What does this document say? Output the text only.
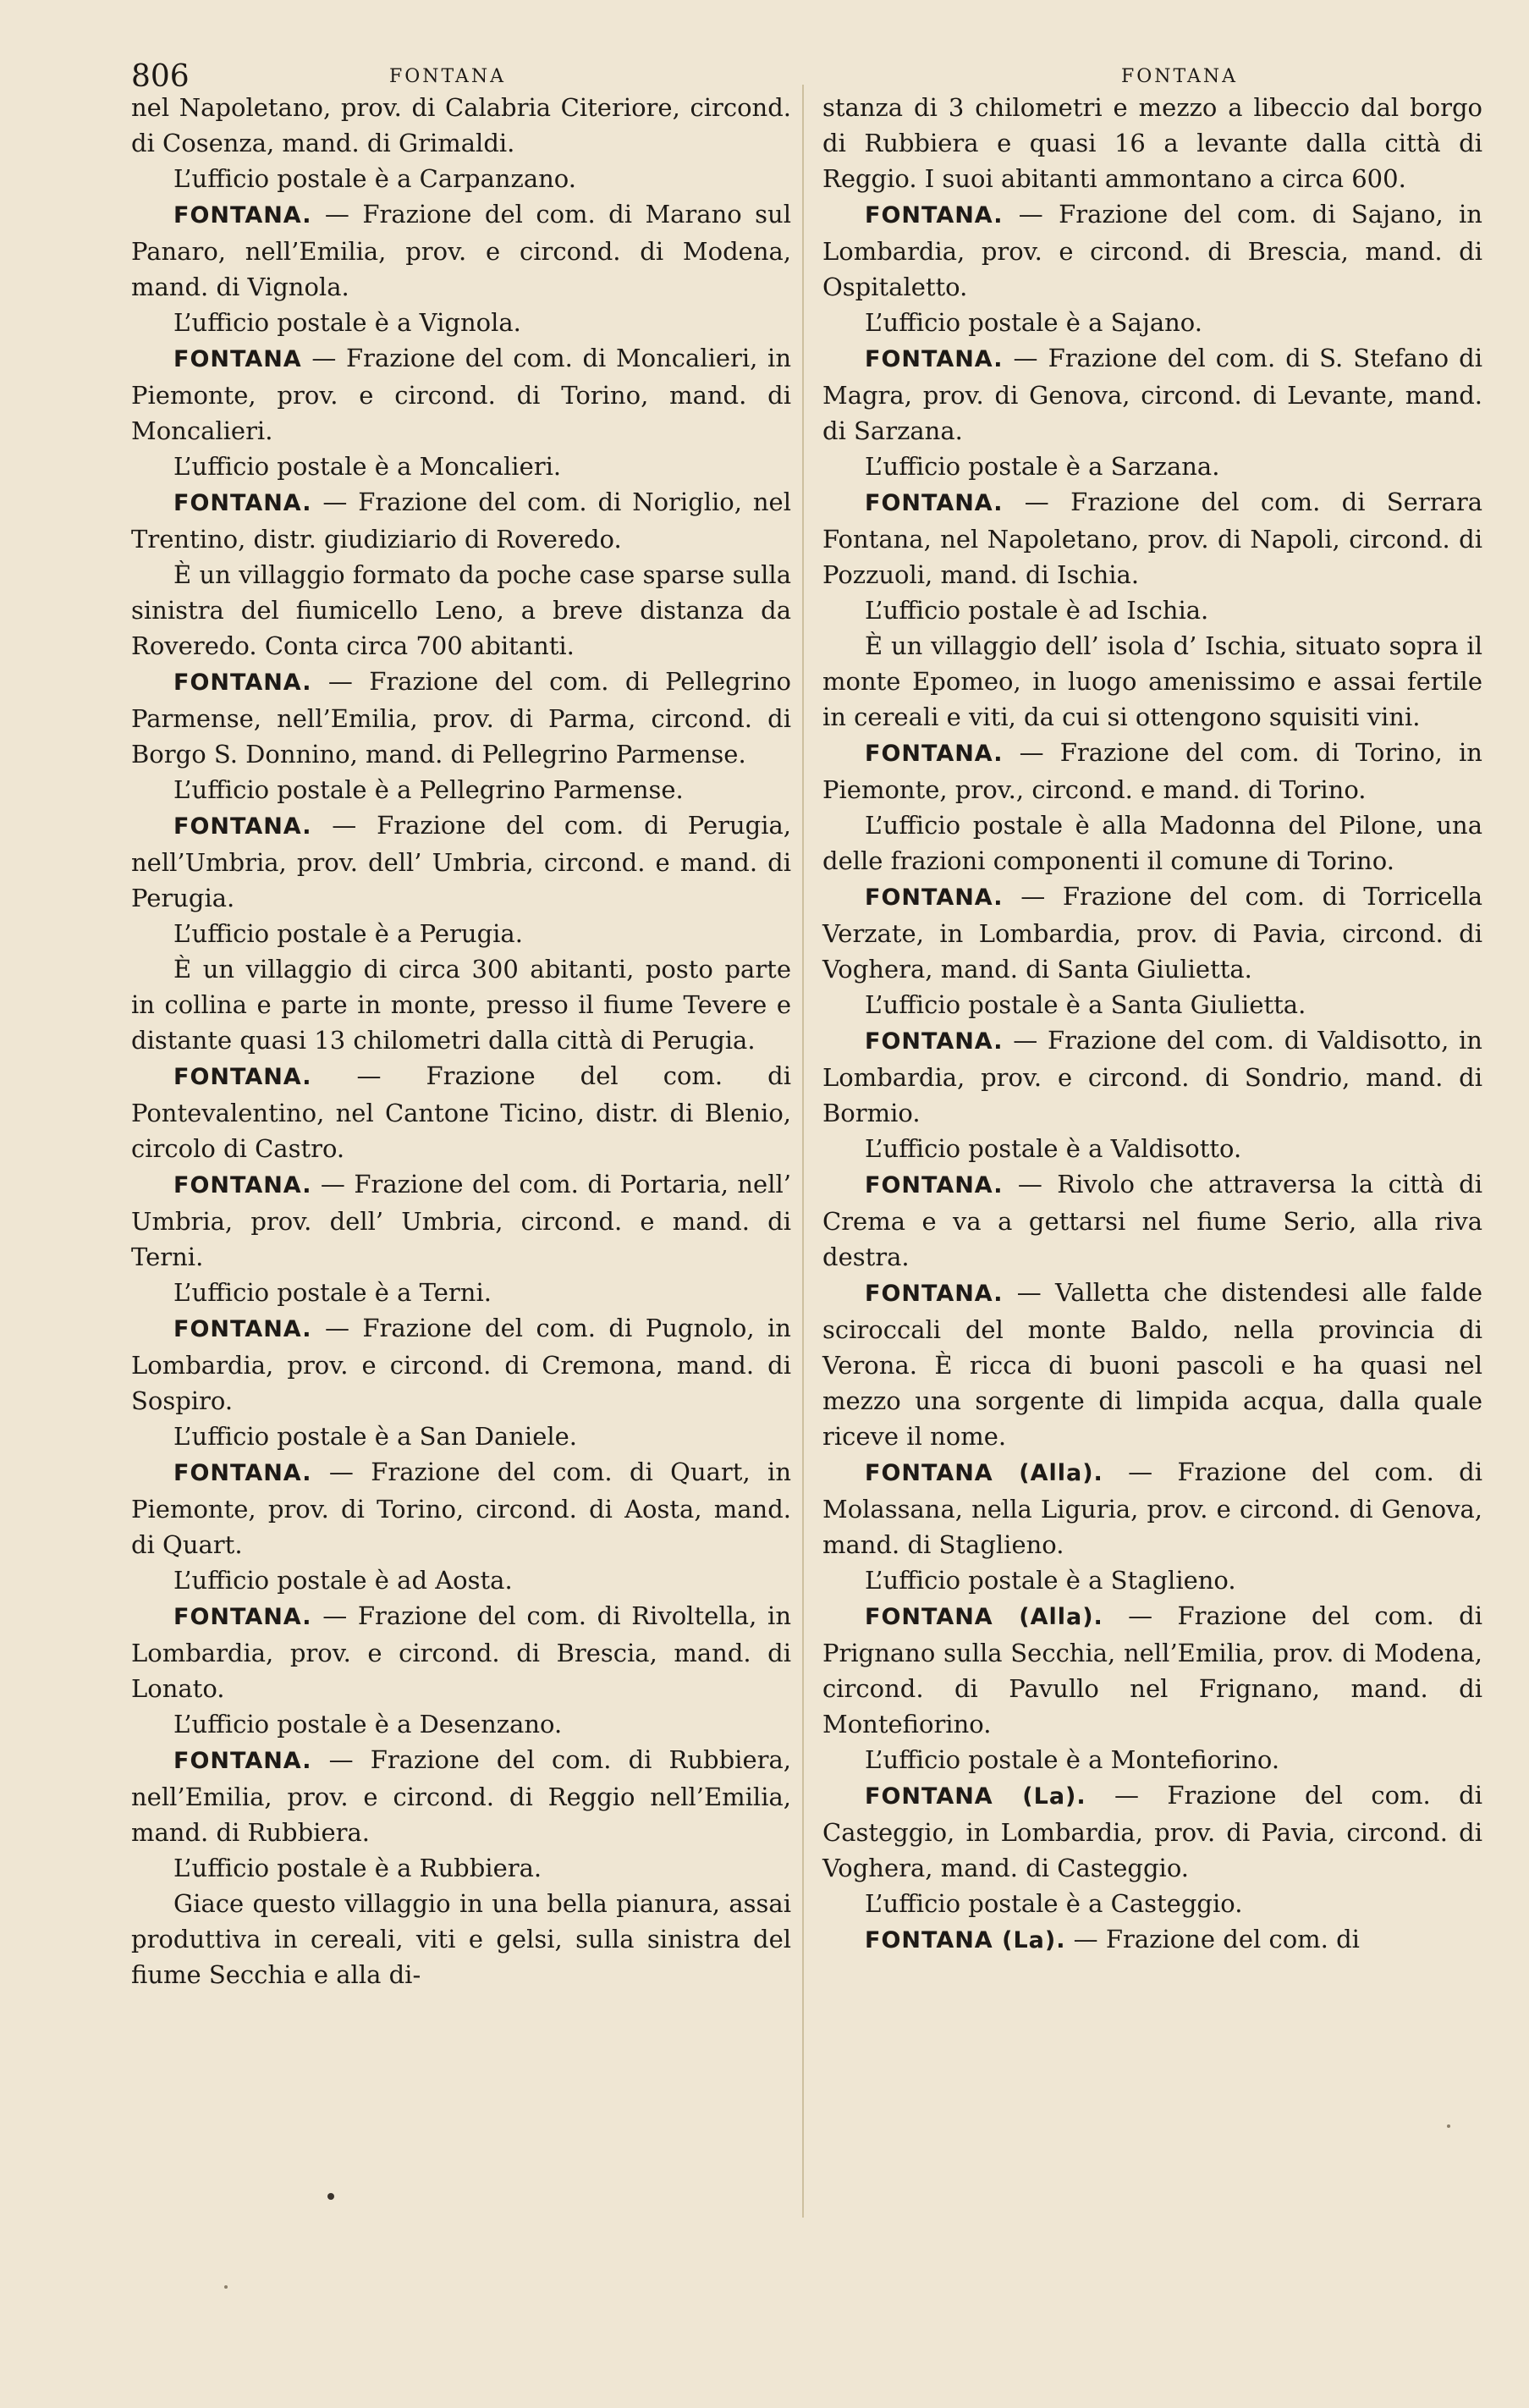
806	FONTANA	FONTANA

nel Napoletano, prov. di Calabria Citeriore, circond. di Cosenza, mand. di Grimaldi.

L’ufficio postale è a Carpanzano.

FONTANA. — Frazione del com. di Marano sul Panaro, nell’Emilia, prov. e circond. di Modena, mand. di Vignola.

L’ufficio postale è a Vignola.

FONTANA — Frazione del com. di Moncalieri, in Piemonte, prov. e circond. di Torino, mand. di Moncalieri.

L’ufficio postale è a Moncalieri.

FONTANA. — Frazione del com. di Noriglio, nel Trentino, distr. giudiziario di Roveredo.

È un villaggio formato da poche case sparse sulla sinistra del fiumicello Leno, a breve distanza da Roveredo. Conta circa 700 abitanti.

FONTANA. — Frazione del com. di Pellegrino Parmense, nell’Emilia, prov. di Parma, circond. di Borgo S. Donnino, mand. di Pellegrino Parmense.

L’ufficio postale è a Pellegrino Parmense.

FONTANA. — Frazione del com. di Perugia, nell’Umbria, prov. dell’ Umbria, circond. e mand. di Perugia.

L’ufficio postale è a Perugia.

È un villaggio di circa 300 abitanti, posto parte in collina e parte in monte, presso il fiume Tevere e distante quasi 13 chilometri dalla città di Perugia.

FONTANA. — Frazione del com. di Pontevalentino, nel Cantone Ticino, distr. di Blenio, circolo di Castro.

FONTANA. — Frazione del com. di Portaria, nell’ Umbria, prov. dell’ Umbria, circond. e mand. di Terni.

L’ufficio postale è a Terni.

FONTANA. — Frazione del com. di Pugnolo, in Lombardia, prov. e circond. di Cremona, mand. di Sospiro.

L’ufficio postale è a San Daniele.

FONTANA. — Frazione del com. di Quart, in Piemonte, prov. di Torino, circond. di Aosta, mand. di Quart.

L’ufficio postale è ad Aosta.

FONTANA. — Frazione del com. di Rivoltella, in Lombardia, prov. e circond. di Brescia, mand. di Lonato.

L’ufficio postale è a Desenzano.

FONTANA. — Frazione del com. di Rubbiera, nell’Emilia, prov. e circond. di Reggio nell’Emilia, mand. di Rubbiera.

L’ufficio postale è a Rubbiera.

Giace questo villaggio in una bella pianura, assai produttiva in cereali, viti e gelsi, sulla sinistra del fiume Secchia e alla di-

stanza di 3 chilometri e mezzo a libeccio dal borgo di Rubbiera e quasi 16 a levante dalla città di Reggio. I suoi abitanti ammontano a circa 600.

FONTANA. — Frazione del com. di Sajano, in Lombardia, prov. e circond. di Brescia, mand. di Ospitaletto.

L’ufficio postale è a Sajano.

FONTANA. — Frazione del com. di S. Stefano di Magra, prov. di Genova, circond. di Levante, mand. di Sarzana.

L’ufficio postale è a Sarzana.

FONTANA. — Frazione del com. di Serrara Fontana, nel Napoletano, prov. di Napoli, circond. di Pozzuoli, mand. di Ischia.

L’ufficio postale è ad Ischia.

È un villaggio dell’ isola d’ Ischia, situato sopra il monte Epomeo, in luogo amenissimo e assai fertile in cereali e viti, da cui si ottengono squisiti vini.

FONTANA. — Frazione del com. di Torino, in Piemonte, prov., circond. e mand. di Torino.

L’ufficio postale è alla Madonna del Pilone, una delle frazioni componenti il comune di Torino.

FONTANA. — Frazione del com. di Torricella Verzate, in Lombardia, prov. di Pavia, circond. di Voghera, mand. di Santa Giulietta.

L’ufficio postale è a Santa Giulietta.

FONTANA. — Frazione del com. di Valdisotto, in Lombardia, prov. e circond. di Sondrio, mand. di Bormio.

L’ufficio postale è a Valdisotto.

FONTANA. — Rivolo che attraversa la città di Crema e va a gettarsi nel fiume Serio, alla riva destra.

FONTANA. — Valletta che distendesi alle falde sciroccali del monte Baldo, nella provincia di Verona. È ricca di buoni pascoli e ha quasi nel mezzo una sorgente di limpida acqua, dalla quale riceve il nome.

FONTANA (Alla). — Frazione del com. di Molassana, nella Liguria, prov. e circond. di Genova, mand. di Staglieno.

L’ufficio postale è a Staglieno.

FONTANA (Alla). — Frazione del com. di Prignano sulla Secchia, nell’Emilia, prov. di Modena, circond. di Pavullo nel Frignano, mand. di Montefiorino.

L’ufficio postale è a Montefiorino.

FONTANA (La). — Frazione del com. di Casteggio, in Lombardia, prov. di Pavia, circond. di Voghera, mand. di Casteggio.

L’ufficio postale è a Casteggio.

FONTANA (La). — Frazione del com. di
